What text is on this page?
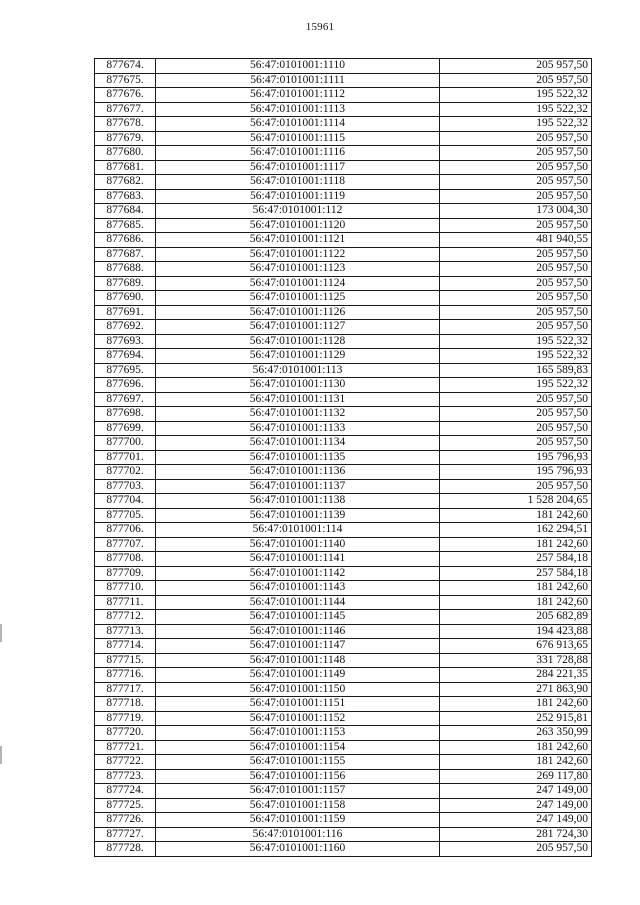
15961
877674.	56:47:0101001:1110	205 957,50
877675.	56:47:0101001:1111	205 957,50
877676.	56:47:0101001:1112	195 522,32
877677.	56:47:0101001:1113	195 522,32
877678.	56:47:0101001:1114	195 522,32
877679.	56:47:0101001:1115	205 957,50
877680.	56:47:0101001:1116	205 957,50
877681.	56:47:0101001:1117	205 957,50
877682.	56:47:0101001:1118	205 957,50
877683.	56:47:0101001:1119	205 957,50
877684.	56:47:0101001:112	173 004,30
877685.	56:47:0101001:1120	205 957,50
877686.	56:47:0101001:1121	481 940,55
877687.	56:47:0101001:1122	205 957,50
877688.	56:47:0101001:1123	205 957,50
877689.	56:47:0101001:1124	205 957,50
877690.	56:47:0101001:1125	205 957,50
877691.	56:47:0101001:1126	205 957,50
877692.	56:47:0101001:1127	205 957,50
877693.	56:47:0101001:1128	195 522,32
877694.	56:47:0101001:1129	195 522,32
877695.	56:47:0101001:113	165 589,83
877696.	56:47:0101001:1130	195 522,32
877697.	56:47:0101001:1131	205 957,50
877698.	56:47:0101001:1132	205 957,50
877699.	56:47:0101001:1133	205 957,50
877700.	56:47:0101001:1134	205 957,50
877701.	56:47:0101001:1135	195 796,93
877702.	56:47:0101001:1136	195 796,93
877703.	56:47:0101001:1137	205 957,50
877704.	56:47:0101001:1138	1 528 204,65
877705.	56:47:0101001:1139	181 242,60
877706.	56:47:0101001:114	162 294,51
877707.	56:47:0101001:1140	181 242,60
877708.	56:47:0101001:1141	257 584,18
877709.	56:47:0101001:1142	257 584,18
877710.	56:47:0101001:1143	181 242,60
877711.	56:47:0101001:1144	181 242,60
877712.	56:47:0101001:1145	205 682,89
877713.	56:47:0101001:1146	194 423,88
877714.	56:47:0101001:1147	676 913,65
877715.	56:47:0101001:1148	331 728,88
877716.	56:47:0101001:1149	284 221,35
877717.	56:47:0101001:1150	271 863,90
877718.	56:47:0101001:1151	181 242,60
877719.	56:47:0101001:1152	252 915,81
877720.	56:47:0101001:1153	263 350,99
877721.	56:47:0101001:1154	181 242,60
877722.	56:47:0101001:1155	181 242,60
877723.	56:47:0101001:1156	269 117,80
877724.	56:47:0101001:1157	247 149,00
877725.	56:47:0101001:1158	247 149,00
877726.	56:47:0101001:1159	247 149,00
877727.	56:47:0101001:116	281 724,30
877728.	56:47:0101001:1160	205 957,50
